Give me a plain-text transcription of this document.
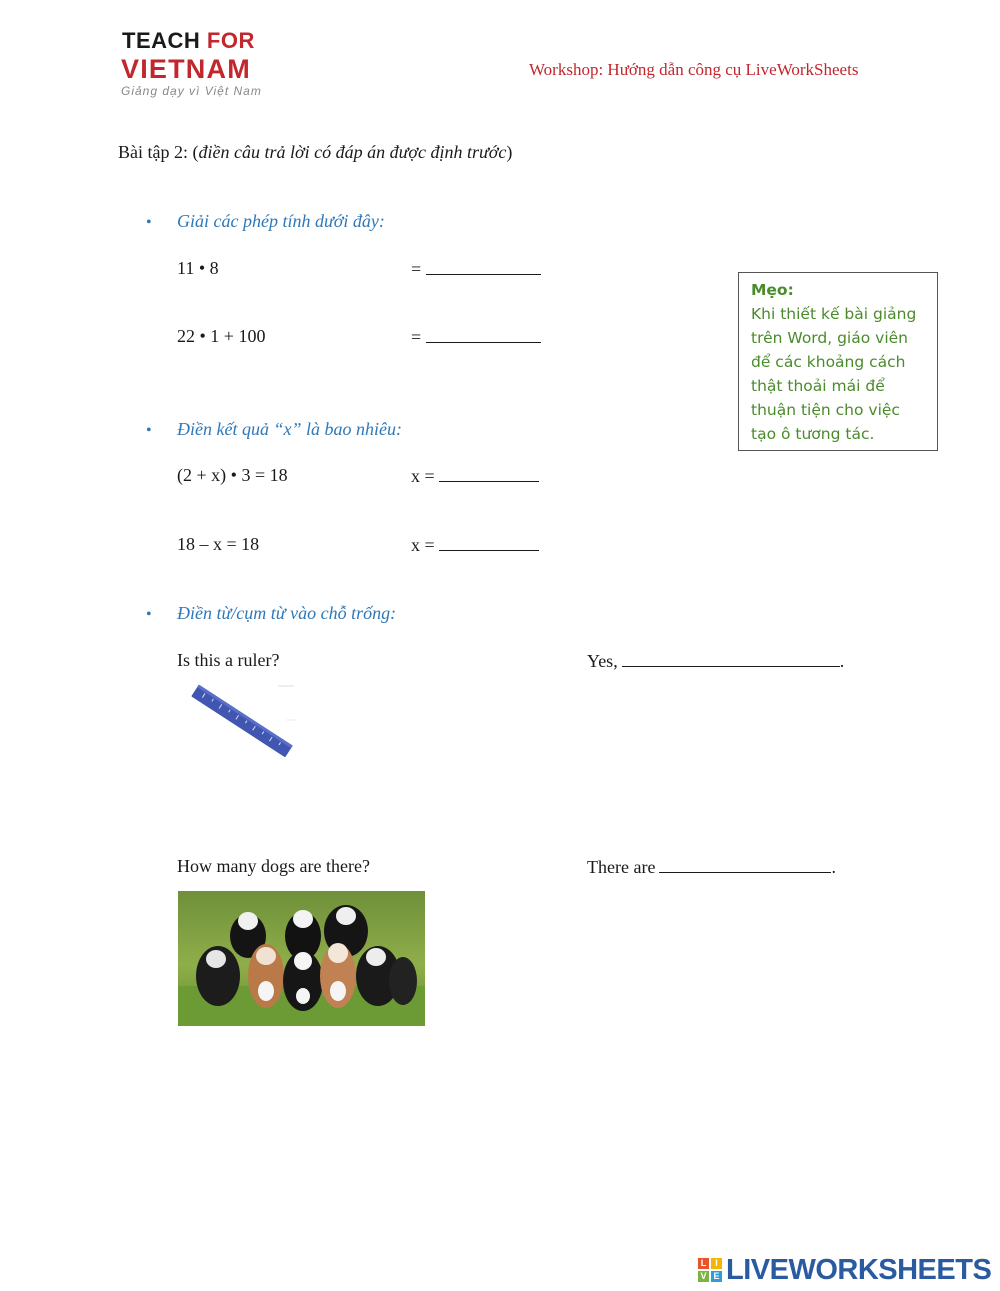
TEACH FOR
VIETNAM
Giảng dạy vì Việt Nam
Workshop: Hướng dẫn công cụ LiveWorkSheets
Bài tập 2: (điền câu trả lời có đáp án được định trước)
• Giải các phép tính dưới đây:
11 • 8	=
22 • 1 + 100	=
Mẹo:
Khi thiết kế bài giảng
trên Word, giáo viên
để các khoảng cách
thật thoải mái để
thuận tiện cho việc
tạo ô tương tác.
• Điền kết quả “x” là bao nhiêu:
(2 + x) • 3 = 18	x =
18 – x = 18	x =
• Điền từ/cụm từ vào chỗ trống:
Is this a ruler?	Yes,	.
How many dogs are there?	There are	.
L I
V E LIVEWORKSHEETS
